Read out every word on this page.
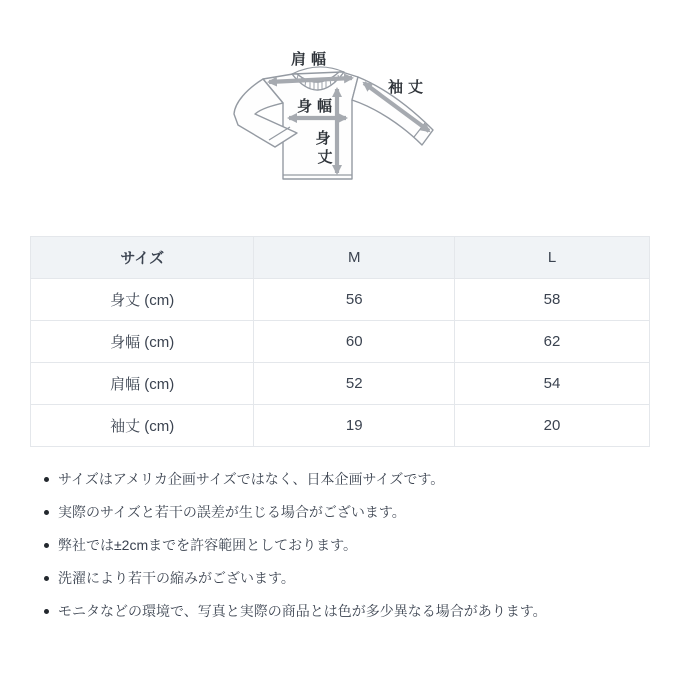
肩幅
袖丈
身幅
身
丈
サイズ	M	L
身丈 (cm)	56	58
身幅 (cm)	60	62
肩幅 (cm)	52	54
袖丈 (cm)	19	20
サイズはアメリカ企画サイズではなく、日本企画サイズです。
実際のサイズと若干の誤差が生じる場合がございます。
弊社では±2cmまでを許容範囲としております。
洗濯により若干の縮みがございます。
モニタなどの環境で、写真と実際の商品とは色が多少異なる場合があります。
